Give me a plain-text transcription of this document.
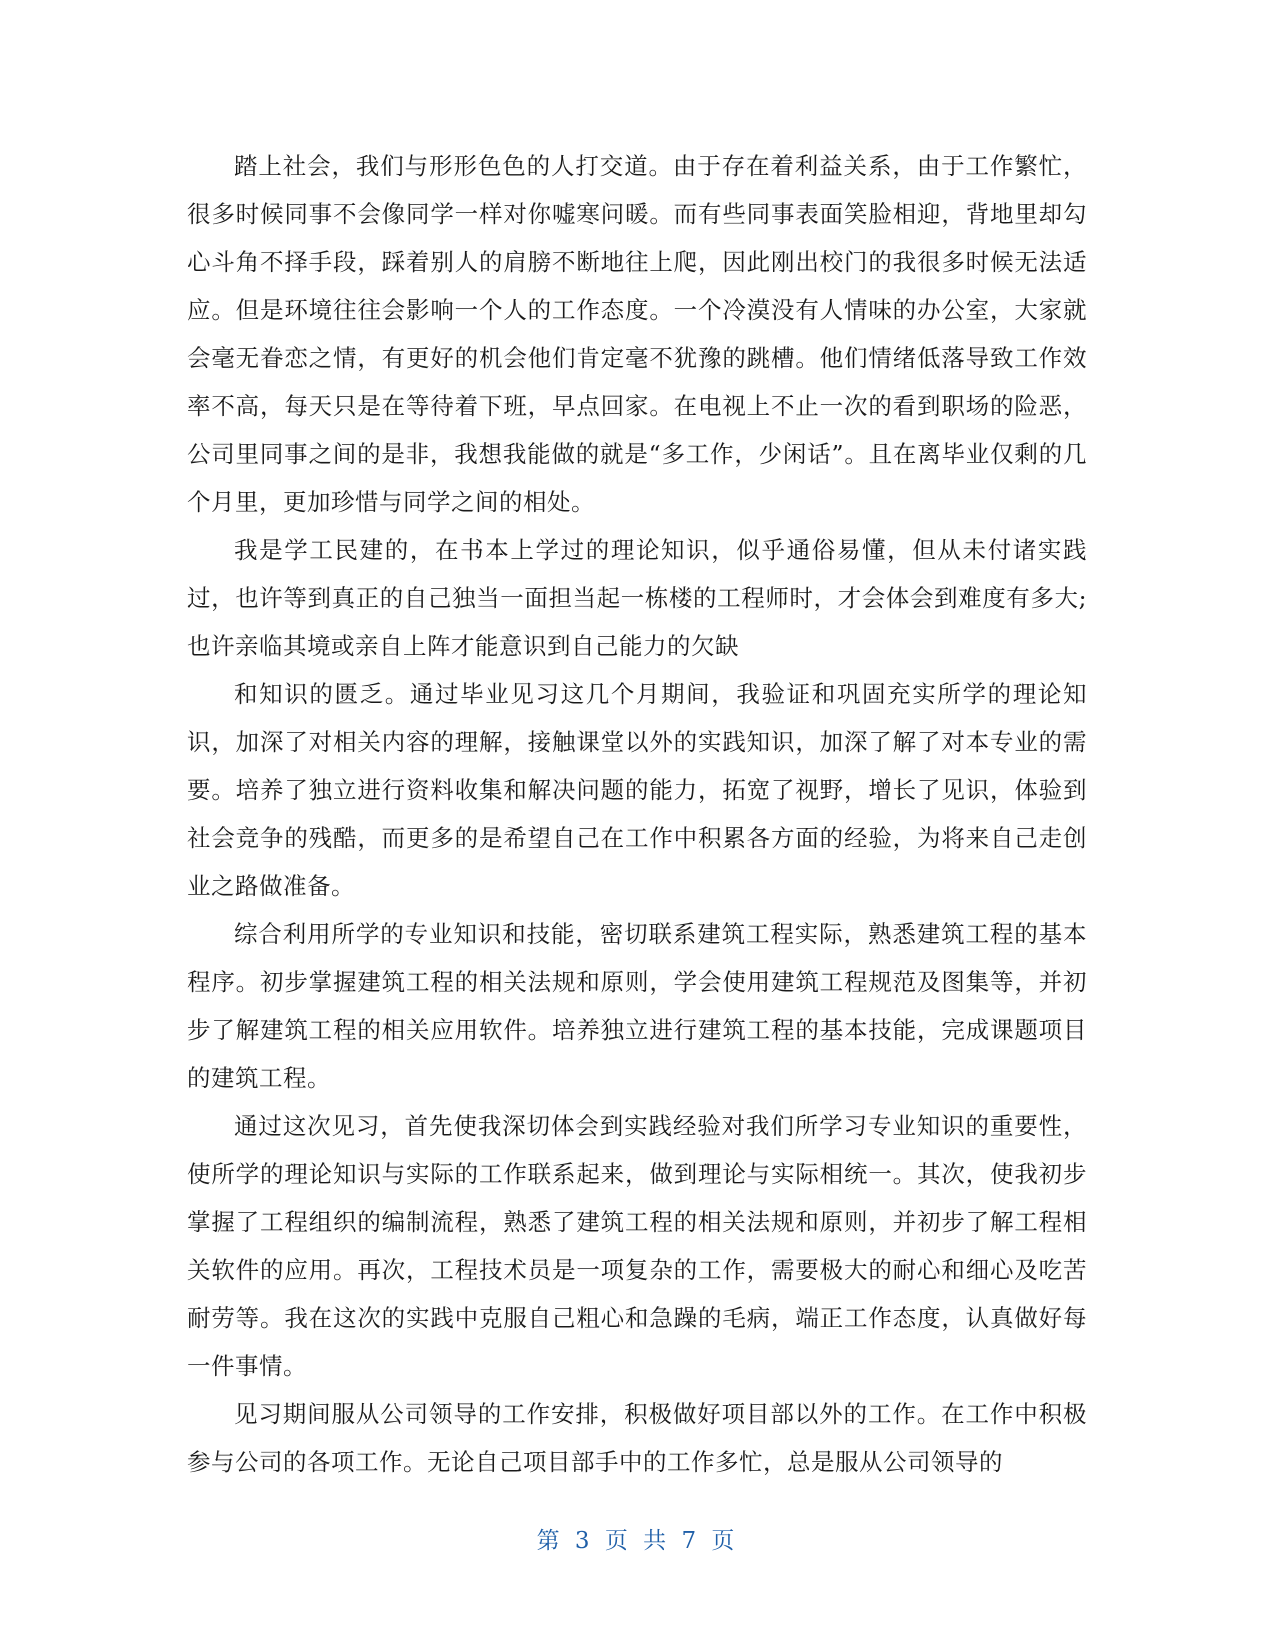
踏上社会，我们与形形色色的人打交道。由于存在着利益关系，由于工作繁忙，很多时候同事不会像同学一样对你嘘寒问暖。而有些同事表面笑脸相迎，背地里却勾心斗角不择手段，踩着别人的肩膀不断地往上爬，因此刚出校门的我很多时候无法适应。但是环境往往会影响一个人的工作态度。一个冷漠没有人情味的办公室，大家就会毫无眷恋之情，有更好的机会他们肯定毫不犹豫的跳槽。他们情绪低落导致工作效率不高，每天只是在等待着下班，早点回家。在电视上不止一次的看到职场的险恶，公司里同事之间的是非，我想我能做的就是“多工作，少闲话”。且在离毕业仅剩的几个月里，更加珍惜与同学之间的相处。

我是学工民建的，在书本上学过的理论知识，似乎通俗易懂，但从未付诸实践过，也许等到真正的自己独当一面担当起一栋楼的工程师时，才会体会到难度有多大;也许亲临其境或亲自上阵才能意识到自己能力的欠缺

和知识的匮乏。通过毕业见习这几个月期间，我验证和巩固充实所学的理论知识，加深了对相关内容的理解，接触课堂以外的实践知识，加深了解了对本专业的需要。培养了独立进行资料收集和解决问题的能力，拓宽了视野，增长了见识，体验到社会竞争的残酷，而更多的是希望自己在工作中积累各方面的经验，为将来自己走创业之路做准备。

综合利用所学的专业知识和技能，密切联系建筑工程实际，熟悉建筑工程的基本程序。初步掌握建筑工程的相关法规和原则，学会使用建筑工程规范及图集等，并初步了解建筑工程的相关应用软件。培养独立进行建筑工程的基本技能，完成课题项目的建筑工程。

通过这次见习，首先使我深切体会到实践经验对我们所学习专业知识的重要性，使所学的理论知识与实际的工作联系起来，做到理论与实际相统一。其次，使我初步掌握了工程组织的编制流程，熟悉了建筑工程的相关法规和原则，并初步了解工程相关软件的应用。再次，工程技术员是一项复杂的工作，需要极大的耐心和细心及吃苦耐劳等。我在这次的实践中克服自己粗心和急躁的毛病，端正工作态度，认真做好每一件事情。

见习期间服从公司领导的工作安排，积极做好项目部以外的工作。在工作中积极参与公司的各项工作。无论自己项目部手中的工作多忙，总是服从公司领导的

第 3 页 共 7 页
